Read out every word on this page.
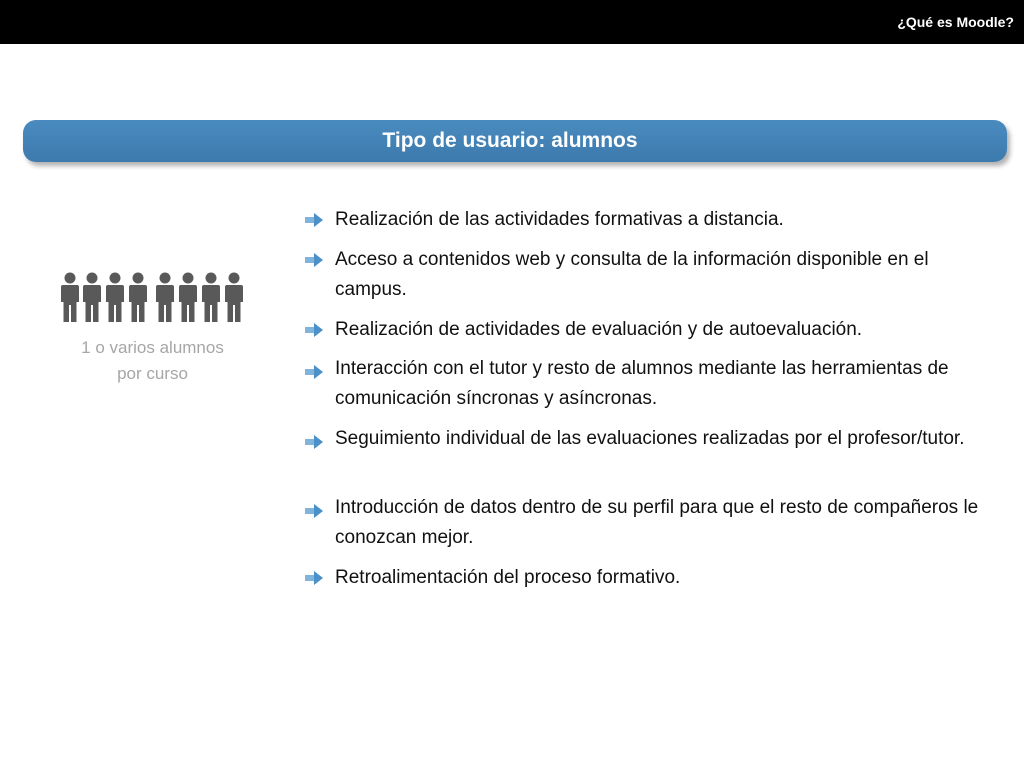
¿Qué es Moodle?
Tipo de usuario: alumnos
1 o varios alumnos por curso
Realización de las actividades formativas a distancia.
Acceso a contenidos web y consulta de la información disponible en el campus.
Realización de actividades de evaluación y de autoevaluación.
Interacción con el tutor y resto de alumnos mediante las herramientas de comunicación síncronas y asíncronas.
Seguimiento individual de las evaluaciones realizadas por el profesor/tutor.
Introducción de datos dentro de su perfil para que el resto de compañeros le conozcan mejor.
Retroalimentación del proceso formativo.
